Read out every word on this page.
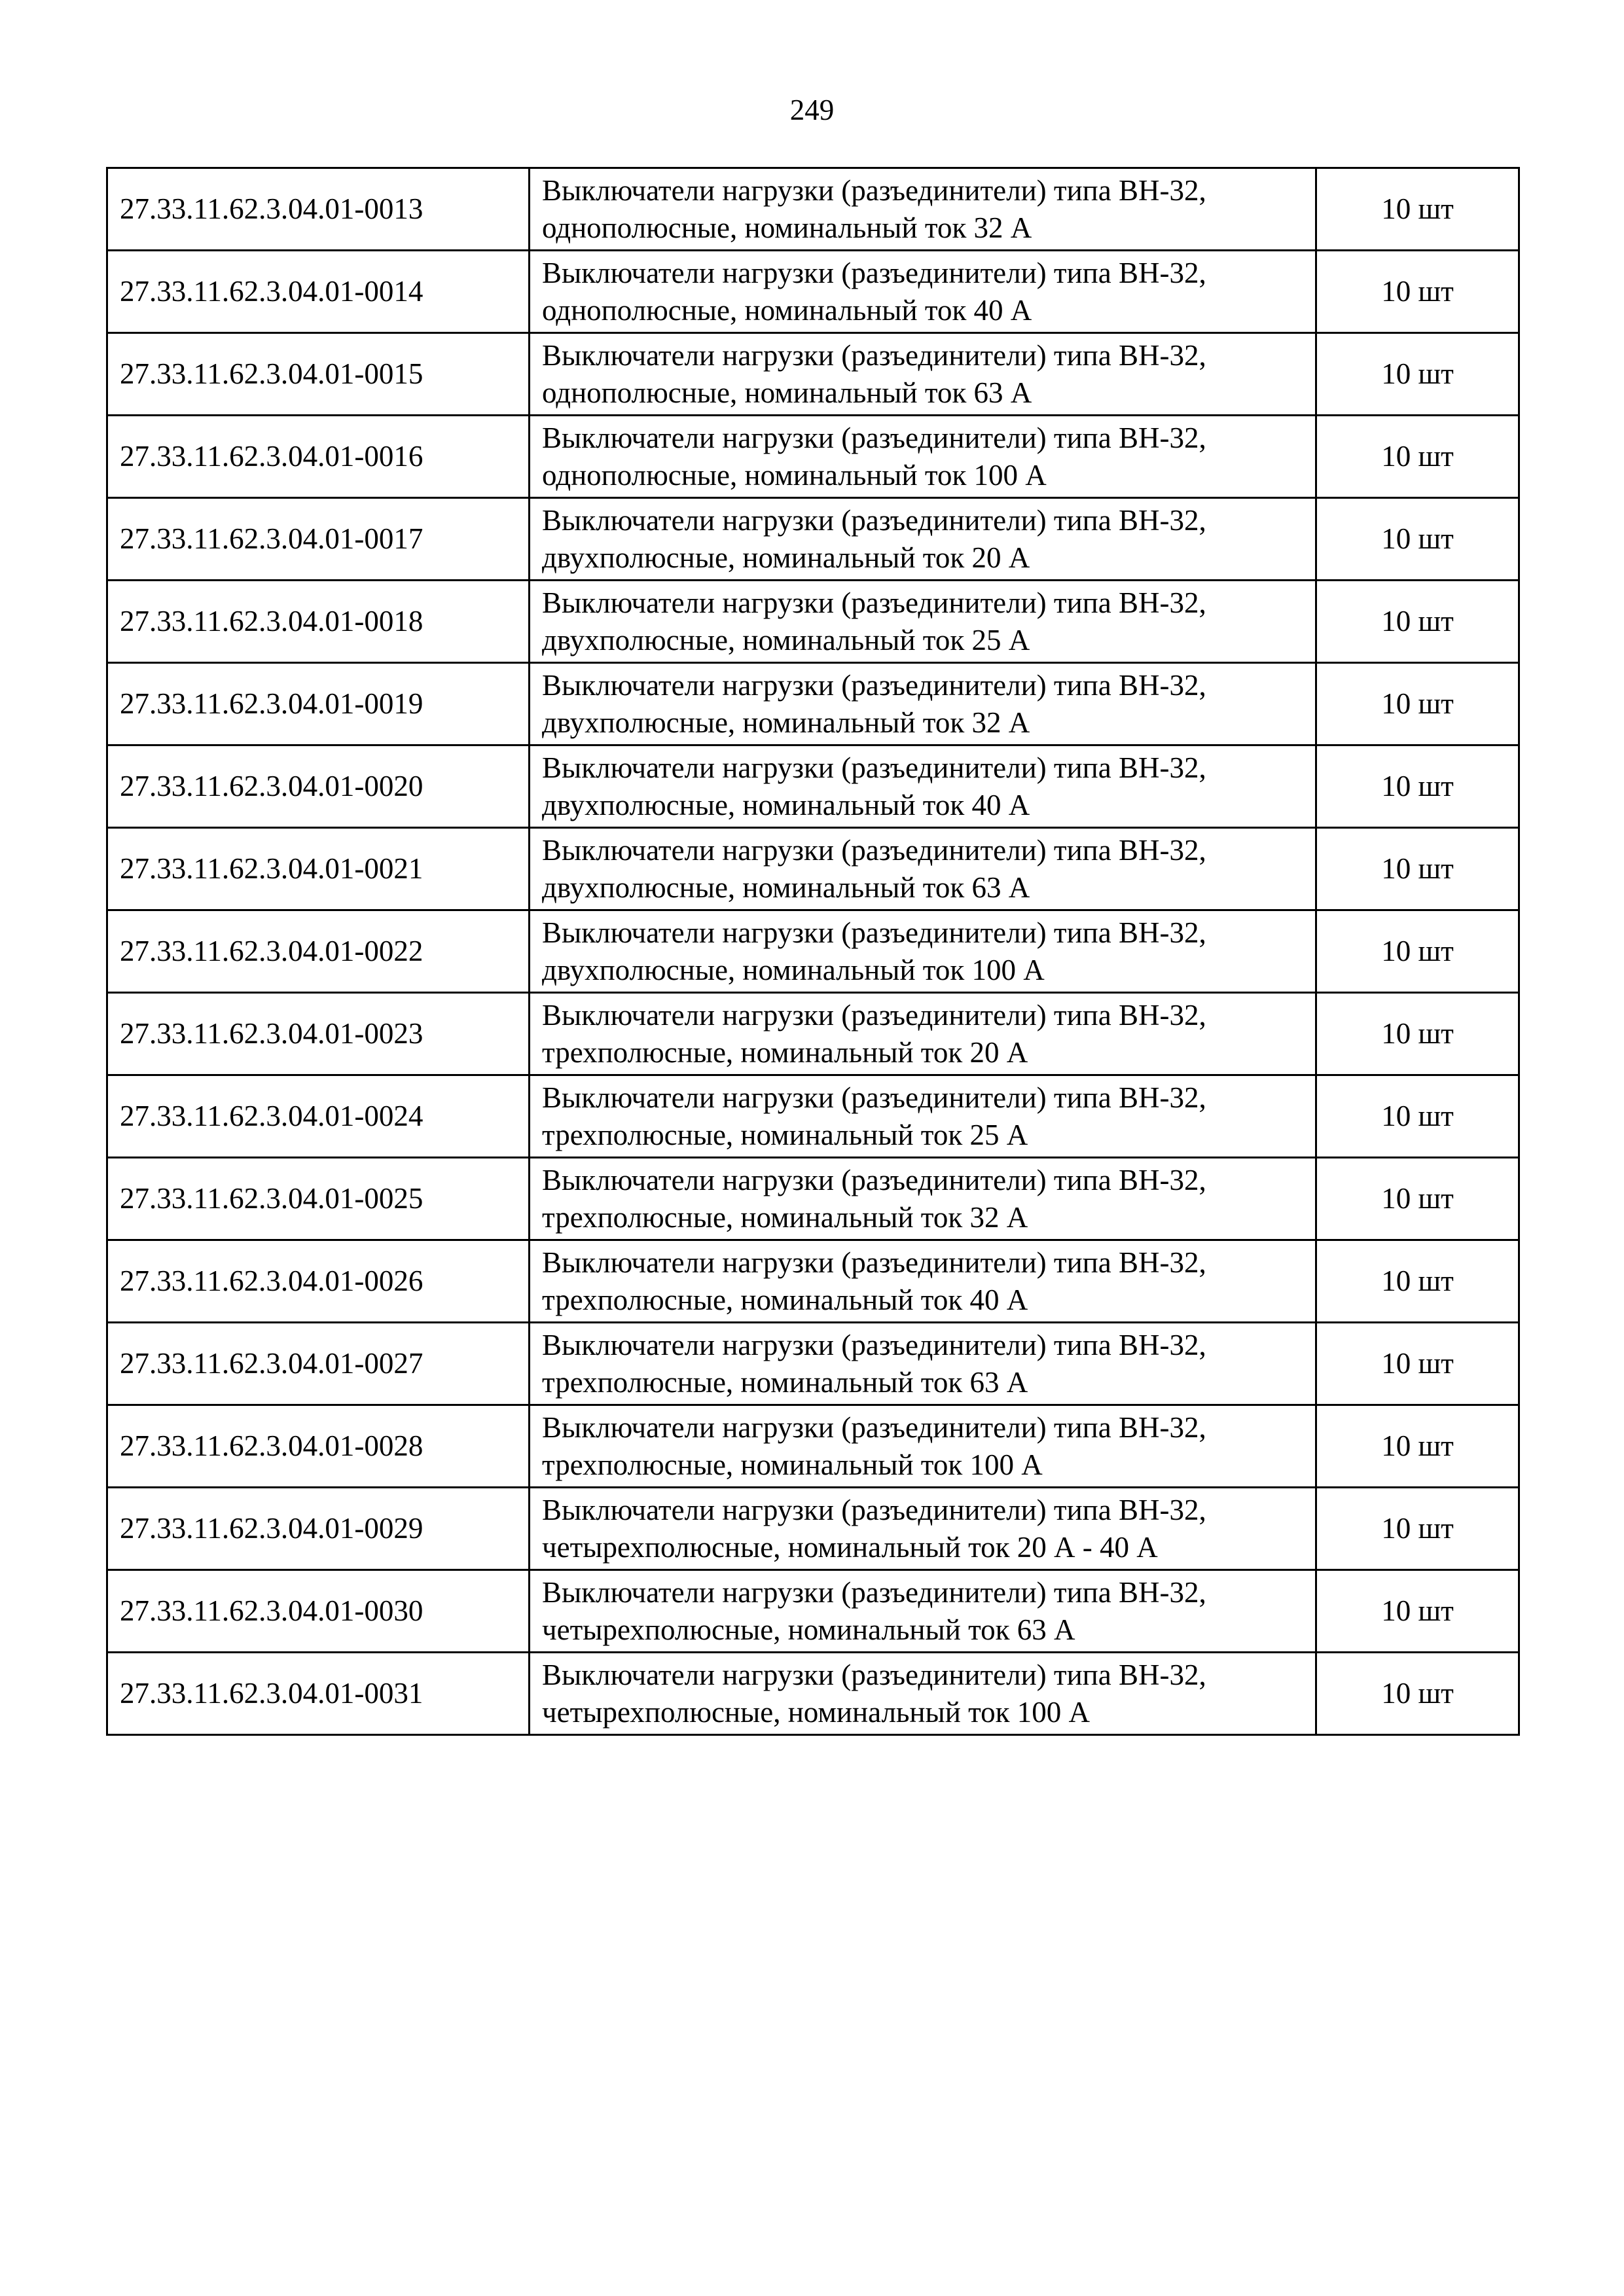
249
27.33.11.62.3.04.01-0013	Выключатели нагрузки (разъединители) типа ВН-32,
однополюсные, номинальный ток 32 А	10 шт
27.33.11.62.3.04.01-0014	Выключатели нагрузки (разъединители) типа ВН-32,
однополюсные, номинальный ток 40 А	10 шт
27.33.11.62.3.04.01-0015	Выключатели нагрузки (разъединители) типа ВН-32,
однополюсные, номинальный ток 63 А	10 шт
27.33.11.62.3.04.01-0016	Выключатели нагрузки (разъединители) типа ВН-32,
однополюсные, номинальный ток 100 А	10 шт
27.33.11.62.3.04.01-0017	Выключатели нагрузки (разъединители) типа ВН-32,
двухполюсные, номинальный ток 20 А	10 шт
27.33.11.62.3.04.01-0018	Выключатели нагрузки (разъединители) типа ВН-32,
двухполюсные, номинальный ток 25 А	10 шт
27.33.11.62.3.04.01-0019	Выключатели нагрузки (разъединители) типа ВН-32,
двухполюсные, номинальный ток 32 А	10 шт
27.33.11.62.3.04.01-0020	Выключатели нагрузки (разъединители) типа ВН-32,
двухполюсные, номинальный ток 40 А	10 шт
27.33.11.62.3.04.01-0021	Выключатели нагрузки (разъединители) типа ВН-32,
двухполюсные, номинальный ток 63 А	10 шт
27.33.11.62.3.04.01-0022	Выключатели нагрузки (разъединители) типа ВН-32,
двухполюсные, номинальный ток 100 А	10 шт
27.33.11.62.3.04.01-0023	Выключатели нагрузки (разъединители) типа ВН-32,
трехполюсные, номинальный ток 20 А	10 шт
27.33.11.62.3.04.01-0024	Выключатели нагрузки (разъединители) типа ВН-32,
трехполюсные, номинальный ток 25 А	10 шт
27.33.11.62.3.04.01-0025	Выключатели нагрузки (разъединители) типа ВН-32,
трехполюсные, номинальный ток 32 А	10 шт
27.33.11.62.3.04.01-0026	Выключатели нагрузки (разъединители) типа ВН-32,
трехполюсные, номинальный ток 40 А	10 шт
27.33.11.62.3.04.01-0027	Выключатели нагрузки (разъединители) типа ВН-32,
трехполюсные, номинальный ток 63 А	10 шт
27.33.11.62.3.04.01-0028	Выключатели нагрузки (разъединители) типа ВН-32,
трехполюсные, номинальный ток 100 А	10 шт
27.33.11.62.3.04.01-0029	Выключатели нагрузки (разъединители) типа ВН-32,
четырехполюсные, номинальный ток 20 А - 40 А	10 шт
27.33.11.62.3.04.01-0030	Выключатели нагрузки (разъединители) типа ВН-32,
четырехполюсные, номинальный ток 63 А	10 шт
27.33.11.62.3.04.01-0031	Выключатели нагрузки (разъединители) типа ВН-32,
четырехполюсные, номинальный ток 100 А	10 шт
